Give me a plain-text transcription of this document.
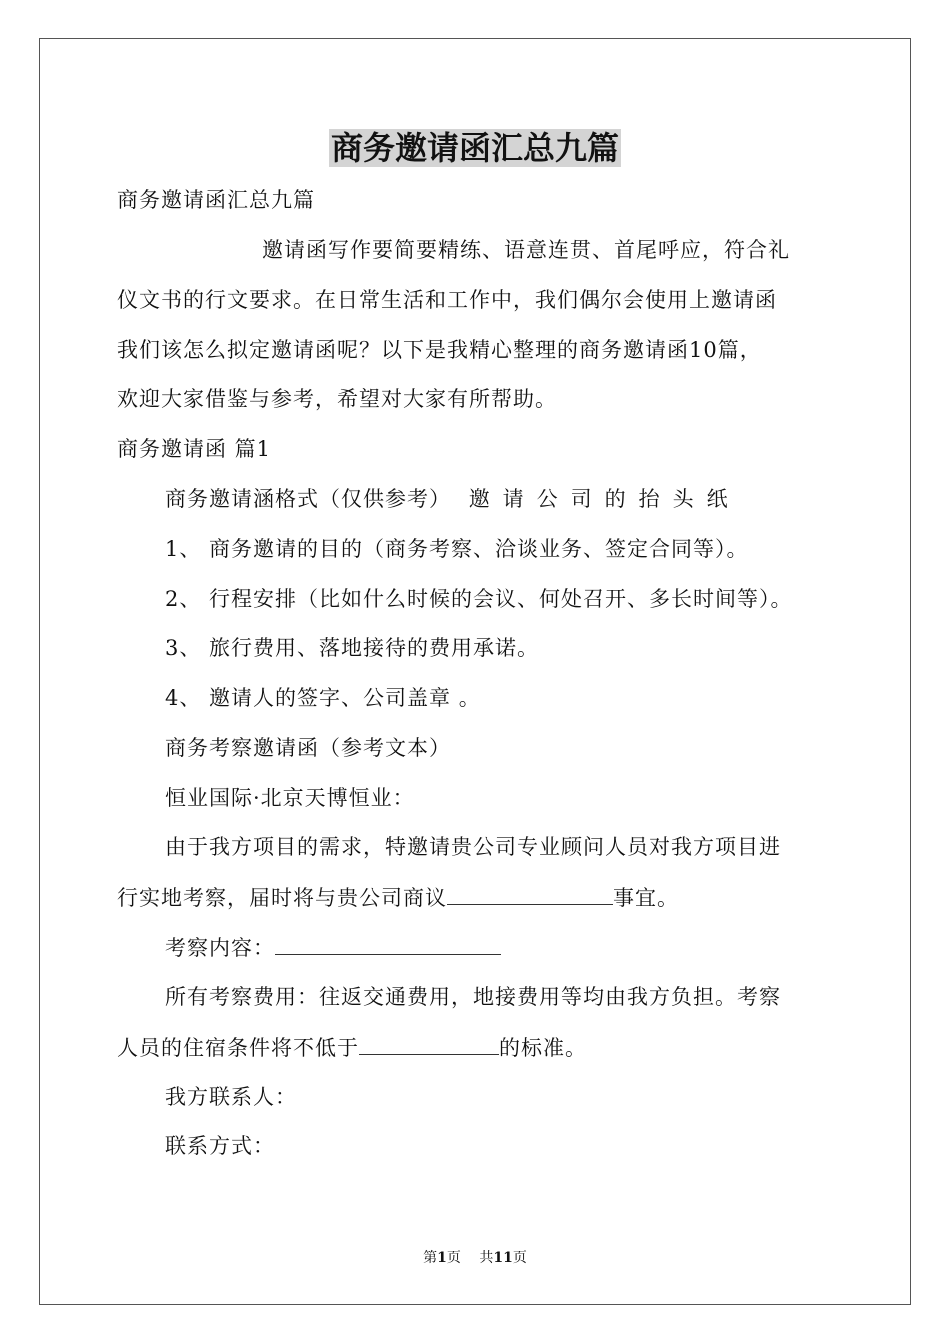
商务邀请函汇总九篇
商务邀请函汇总九篇
邀请函写作要简要精练、语意连贯、首尾呼应，符合礼
仪文书的行文要求。在日常生活和工作中，我们偶尔会使用上邀请函
我们该怎么拟定邀请函呢？以下是我精心整理的商务邀请函10篇，
欢迎大家借鉴与参考，希望对大家有所帮助。
商务邀请函 篇1
商务邀请涵格式（仅供参考） 邀请公司的抬头纸
1、 商务邀请的目的（商务考察、洽谈业务、签定合同等）。
2、 行程安排（比如什么时候的会议、何处召开、多长时间等）。
3、 旅行费用、落地接待的费用承诺。
4、 邀请人的签字、公司盖章 。
商务考察邀请函（参考文本）
恒业国际·北京天博恒业：
由于我方项目的需求，特邀请贵公司专业顾问人员对我方项目进
行实地考察，届时将与贵公司商议	事宜。
考察内容：
所有考察费用：往返交通费用，地接费用等均由我方负担。考察
人员的住宿条件将不低于	的标准。
我方联系人：
联系方式：
第1页 共11页
